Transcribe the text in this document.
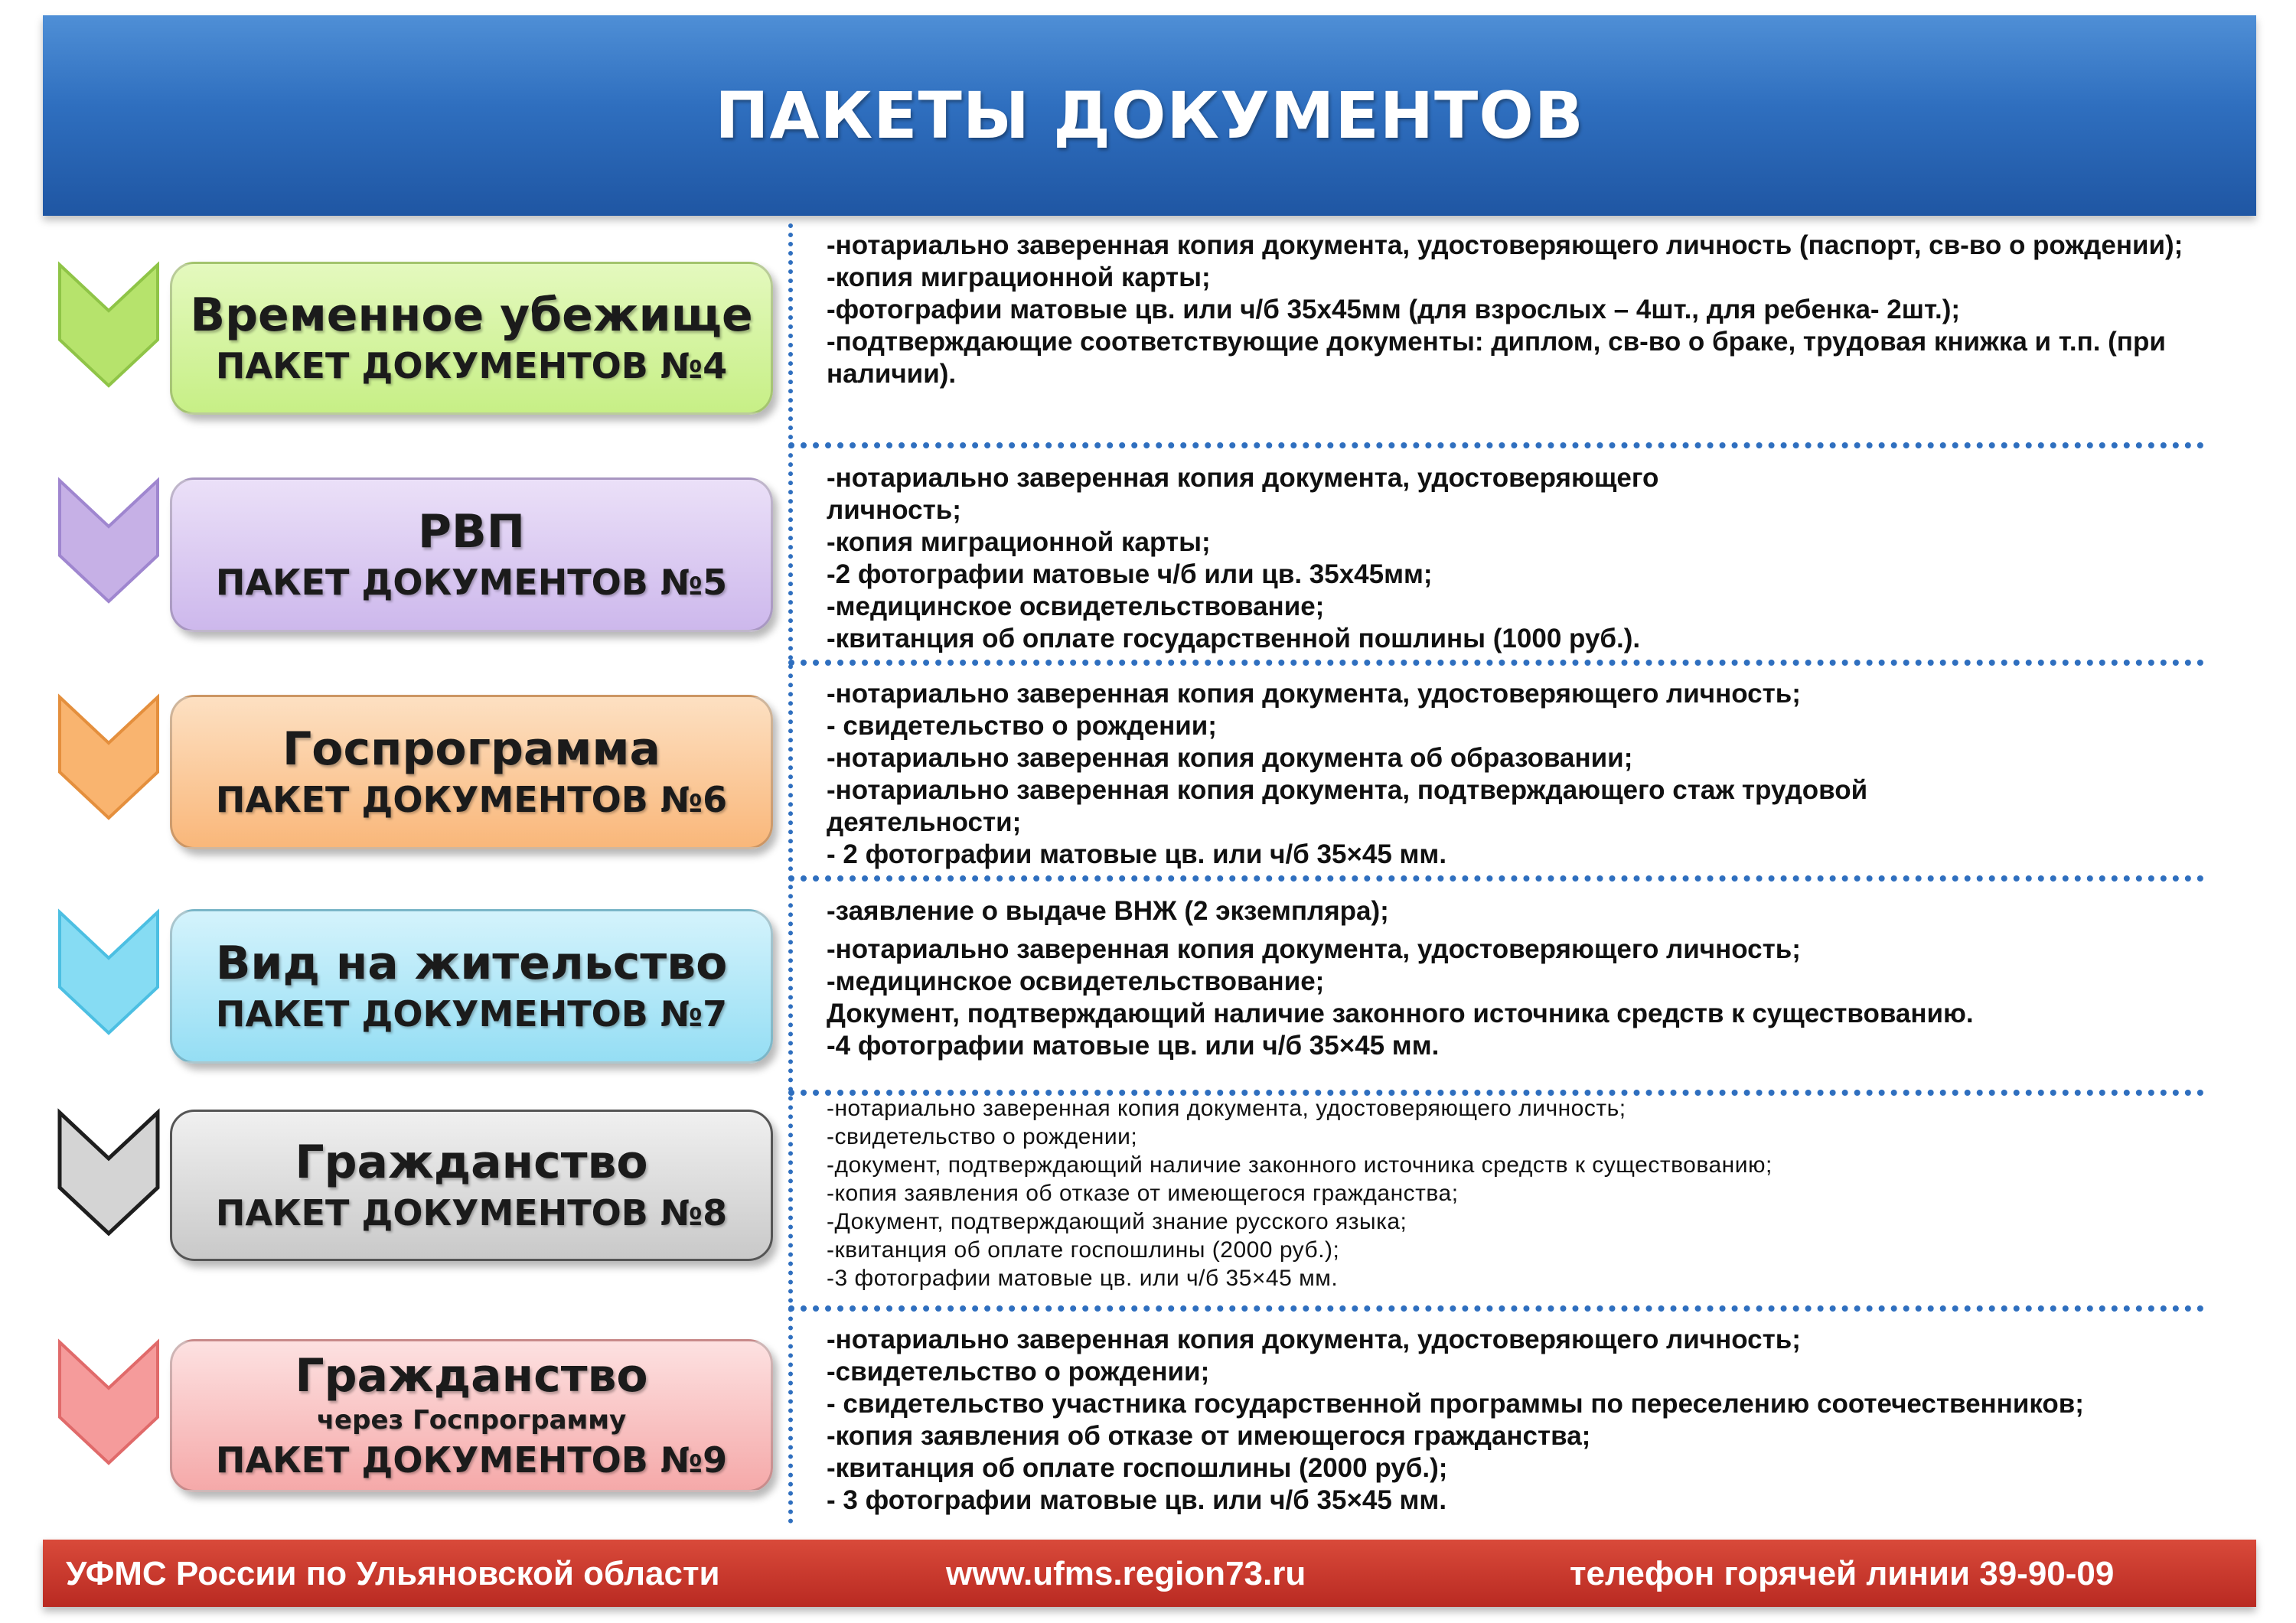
ПАКЕТЫ ДОКУМЕНТОВ
Временное убежище
ПАКЕТ ДОКУМЕНТОВ №4
-нотариально заверенная копия документа, удостоверяющего личность (паспорт, св-во о рождении);
-копия миграционной карты;
-фотографии матовые цв. или ч/б 35х45мм (для взрослых – 4шт., для ребенка- 2шт.);
-подтверждающие соответствующие документы: диплом, св-во о браке, трудовая книжка и т.п. (при наличии).
РВП
ПАКЕТ ДОКУМЕНТОВ №5
-нотариально заверенная копия документа, удостоверяющего личность;
-копия миграционной карты;
-2 фотографии матовые ч/б или цв. 35х45мм;
-медицинское освидетельствование;
-квитанция об оплате государственной пошлины (1000 руб.).
Госпрограмма
ПАКЕТ ДОКУМЕНТОВ №6
-нотариально заверенная копия документа, удостоверяющего личность;
- свидетельство о рождении;
-нотариально заверенная копия документа об образовании;
-нотариально заверенная копия документа, подтверждающего стаж трудовой деятельности;
- 2 фотографии матовые цв. или ч/б 35×45 мм.
Вид на жительство
ПАКЕТ ДОКУМЕНТОВ №7
-заявление о выдаче ВНЖ (2 экземпляра);
-нотариально заверенная копия документа, удостоверяющего личность;
-медицинское освидетельствование;
Документ, подтверждающий наличие законного источника средств к существованию.
-4 фотографии матовые цв. или ч/б 35×45 мм.
Гражданство
ПАКЕТ ДОКУМЕНТОВ №8
-нотариально заверенная копия документа, удостоверяющего личность;
-свидетельство о рождении;
-документ, подтверждающий наличие законного источника средств к существованию;
-копия заявления об отказе от имеющегося гражданства;
-Документ, подтверждающий знание русского языка;
-квитанция об оплате госпошлины (2000 руб.);
-3 фотографии матовые цв. или ч/б 35×45 мм.
Гражданство
через Госпрограмму
ПАКЕТ ДОКУМЕНТОВ №9
-нотариально заверенная копия документа, удостоверяющего личность;
-свидетельство о рождении;
- свидетельство участника государственной программы по переселению соотечественников;
-копия заявления об отказе от имеющегося гражданства;
-квитанция об оплате госпошлины (2000 руб.);
- 3 фотографии матовые цв. или ч/б 35×45 мм.
УФМС России по Ульяновской области	www.ufms.region73.ru	телефон горячей линии 39-90-09
